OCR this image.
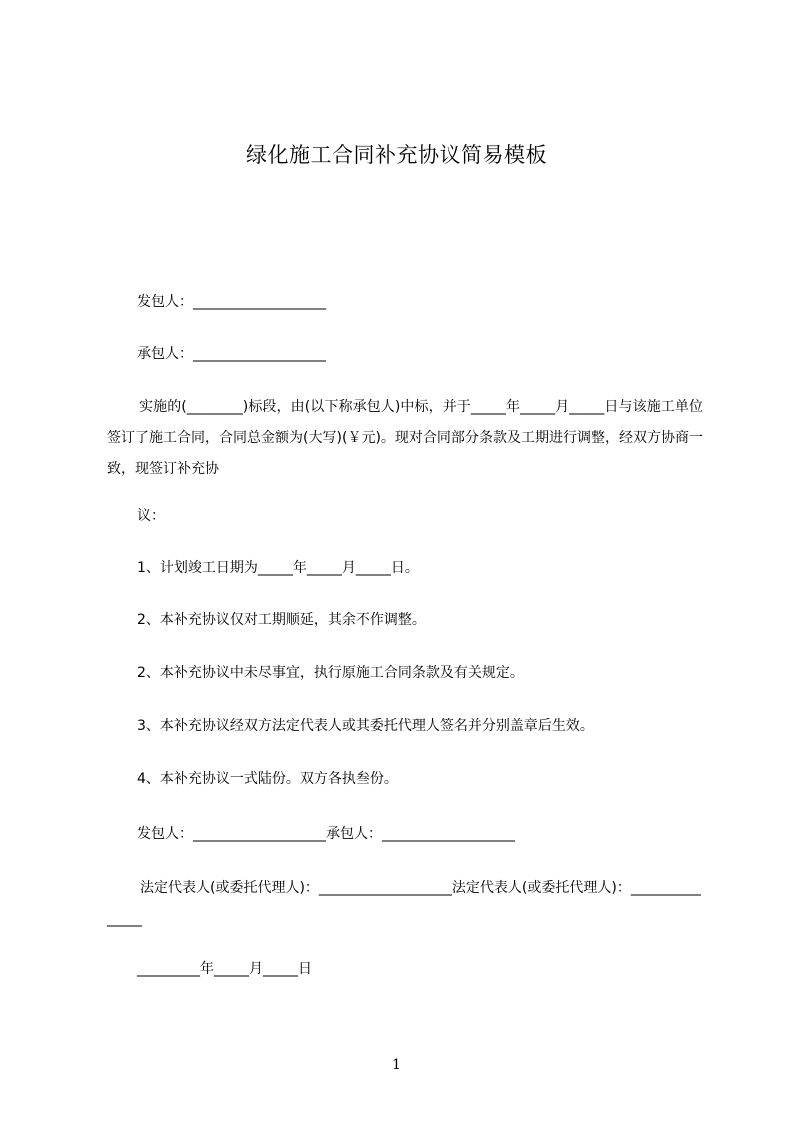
绿化施工合同补充协议简易模板
发包人：___________________
承包人：___________________
实施的(________)标段，由(以下称承包人)中标，并于_____年_____月_____日与该施工单位签订了施工合同，合同总金额为(大写)(￥元)。现对合同部分条款及工期进行调整，经双方协商一致，现签订补充协
议：
1、计划竣工日期为_____年_____月_____日。
2、本补充协议仅对工期顺延，其余不作调整。
2、本补充协议中未尽事宜，执行原施工合同条款及有关规定。
3、本补充协议经双方法定代表人或其委托代理人签名并分别盖章后生效。
4、本补充协议一式陆份。双方各执叁份。
发包人：___________________承包人：___________________
法定代表人(或委托代理人)：___________________法定代表人(或委托代理人)：_______________
_________年_____月_____日
1
